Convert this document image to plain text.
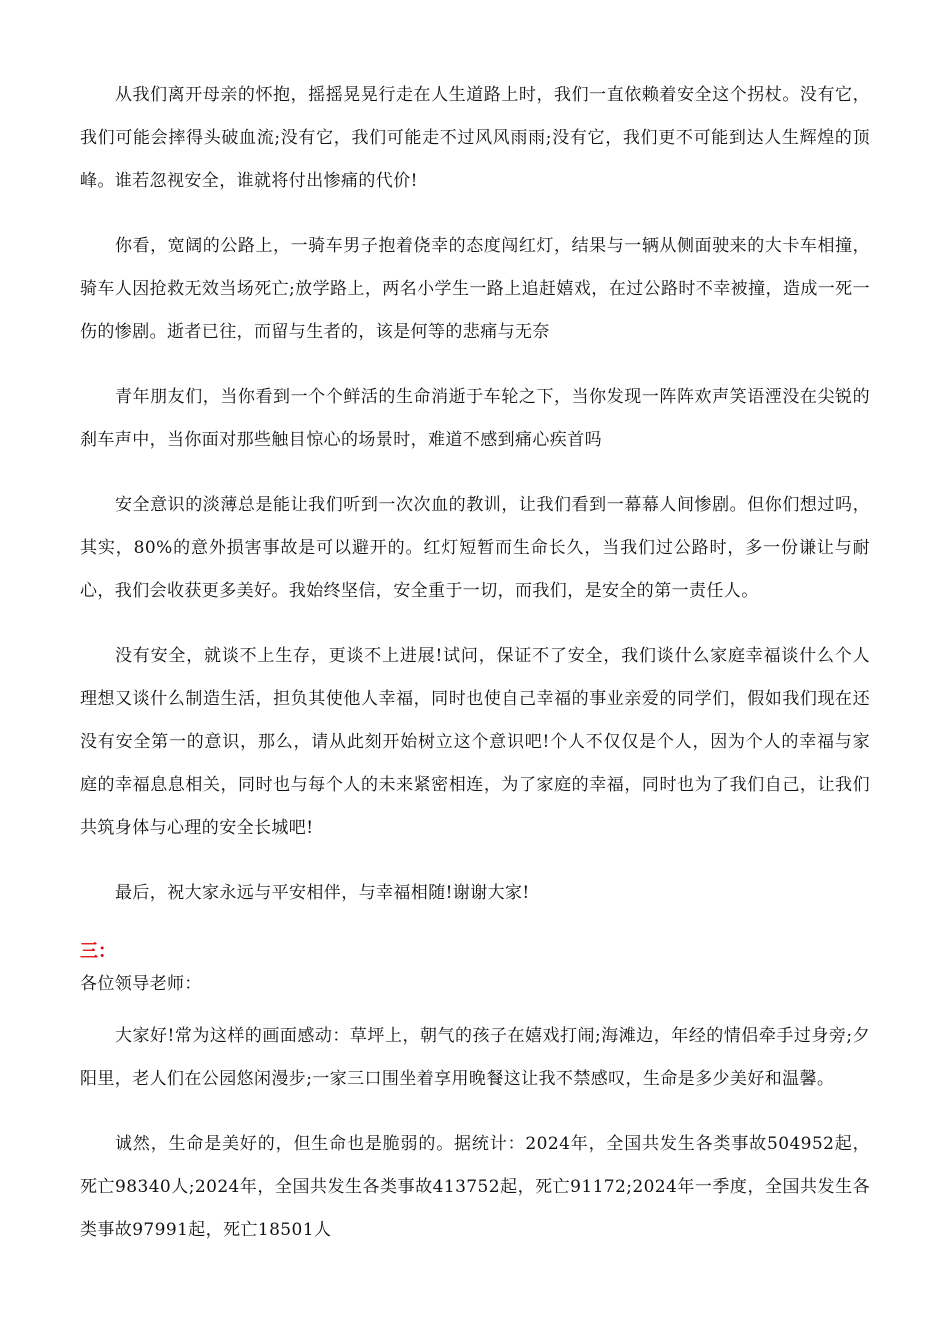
从我们离开母亲的怀抱，摇摇晃晃行走在人生道路上时，我们一直依赖着安全这个拐杖。没有它，我们可能会摔得头破血流;没有它，我们可能走不过风风雨雨;没有它，我们更不可能到达人生辉煌的顶峰。谁若忽视安全，谁就将付出惨痛的代价!

你看，宽阔的公路上，一骑车男子抱着侥幸的态度闯红灯，结果与一辆从侧面驶来的大卡车相撞，骑车人因抢救无效当场死亡;放学路上，两名小学生一路上追赶嬉戏，在过公路时不幸被撞，造成一死一伤的惨剧。逝者已往，而留与生者的，该是何等的悲痛与无奈

青年朋友们，当你看到一个个鲜活的生命消逝于车轮之下，当你发现一阵阵欢声笑语湮没在尖锐的刹车声中，当你面对那些触目惊心的场景时，难道不感到痛心疾首吗

安全意识的淡薄总是能让我们听到一次次血的教训，让我们看到一幕幕人间惨剧。但你们想过吗，其实，80%的意外损害事故是可以避开的。红灯短暂而生命长久，当我们过公路时，多一份谦让与耐心，我们会收获更多美好。我始终坚信，安全重于一切，而我们，是安全的第一责任人。

没有安全，就谈不上生存，更谈不上进展!试问，保证不了安全，我们谈什么家庭幸福谈什么个人理想又谈什么制造生活，担负其使他人幸福，同时也使自己幸福的事业亲爱的同学们，假如我们现在还没有安全第一的意识，那么，请从此刻开始树立这个意识吧!个人不仅仅是个人，因为个人的幸福与家庭的幸福息息相关，同时也与每个人的未来紧密相连，为了家庭的幸福，同时也为了我们自己，让我们共筑身体与心理的安全长城吧!

最后，祝大家永远与平安相伴，与幸福相随!谢谢大家!

三：
各位领导老师：

大家好!常为这样的画面感动：草坪上，朝气的孩子在嬉戏打闹;海滩边，年经的情侣牵手过身旁;夕阳里，老人们在公园悠闲漫步;一家三口围坐着享用晚餐这让我不禁感叹，生命是多少美好和温馨。

诚然，生命是美好的，但生命也是脆弱的。据统计：2024年，全国共发生各类事故504952起，死亡98340人;2024年，全国共发生各类事故413752起，死亡91172;2024年一季度，全国共发生各类事故97991起，死亡18501人
